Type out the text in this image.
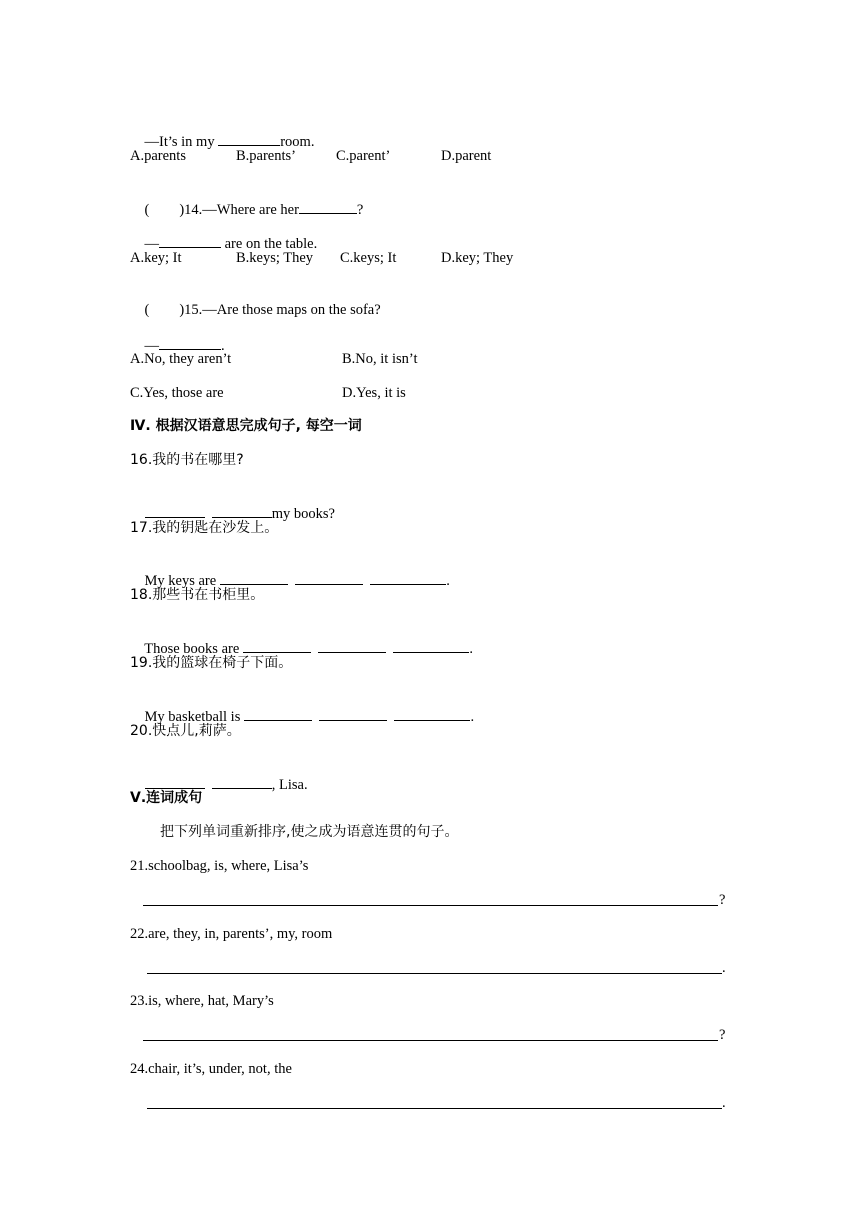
—It’s in my	room.

A.parents	B.parents’	C.parent’	D.parent

( )14.—Where are her	?

—	are on the table.

A.key; It	B.keys; They C.keys; It	D.key; They

( )15.—Are those maps on the sofa?

—	.

A.No, they aren’t	B.No, it isn’t
C.Yes, those are	D.Yes, it is
Ⅳ. 根据汉语意思完成句子, 每空一词
16.我的书在哪里?

my books?

17.我的钥匙在沙发上。

My keys are	.

18.那些书在书柜里。

Those books are	.

19.我的篮球在椅子下面。

My basketball is	.

20.快点儿,莉萨。

, Lisa.

Ⅴ.连词成句
把下列单词重新排序,使之成为语意连贯的句子。
21.schoolbag, is, where, Lisa’s
?
22.are, they, in, parents’, my, room
.
23.is, where, hat, Mary’s
?
24.chair, it’s, under, not, the
.
